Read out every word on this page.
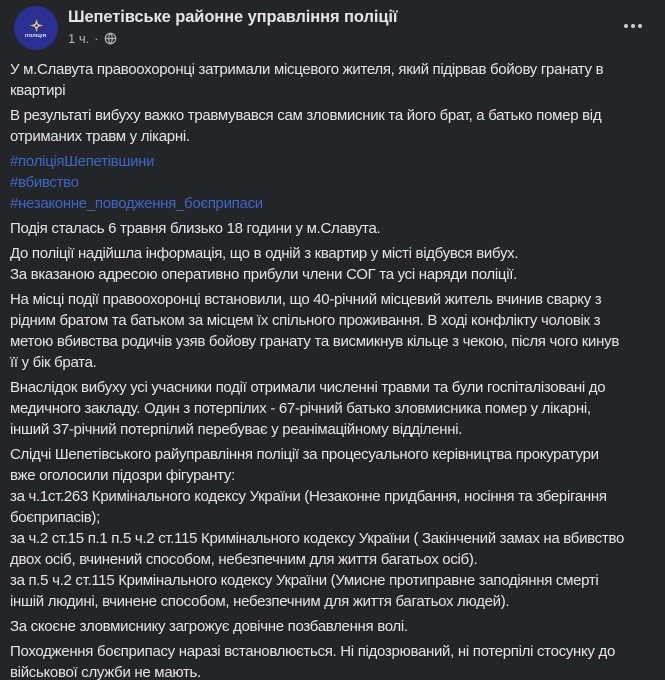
ПОЛІЦІЯ
Шепетівське районне управління поліції
1 ч. ·
У м.Славута правоохоронці затримали місцевого жителя, який підірвав бойову гранату в
квартирі
В результаті вибуху важко травмувався сам зловмисник та його брат, а батько помер від
отриманих травм у лікарні.
#поліціяШепетівшини
#вбивство
#незаконне_поводження_боєприпаси
Подія сталась 6 травня близько 18 години у м.Славута.
До поліції надійшла інформація, що в одній з квартир у місті відбувся вибух.
За вказаною адресою оперативно прибули члени СОГ та усі наряди поліції.
На місці події правоохоронці встановили, що 40-річний місцевий житель вчинив сварку з
рідним братом та батьком за місцем їх спільного проживання. В ході конфлікту чоловік з
метою вбивства родичів узяв бойову гранату та висмикнув кільце з чекою, після чого кинув
її у бік брата.
Внаслідок вибуху усі учасники події отримали численні травми та були госпіталізовані до
медичного закладу. Один з потерпілих - 67-річний батько зловмисника помер у лікарні,
інший 37-річний потерпілий перебуває у реанімаційному відділенні.
Слідчі Шепетівського райуправління поліції за процесуального керівництва прокуратури
вже оголосили підозри фігуранту:
за ч.1ст.263 Кримінального кодексу України (Незаконне придбання, носіння та зберігання
боєприпасів);
за ч.2 ст.15 п.1 п.5 ч.2 ст.115 Кримінального кодексу України ( Закінчений замах на вбивство
двох осіб, вчинений способом, небезпечним для життя багатьох осіб).
за п.5 ч.2 ст.115 Кримінального кодексу України (Умисне протиправне заподіяння смерті
іншій людині, вчинене способом, небезпечним для життя багатьох людей).
За скоєне зловмиснику загрожує довічне позбавлення волі.
Походження боєприпасу наразі встановлюється. Ні підозрюваний, ні потерпілі стосунку до
військової служби не мають.
